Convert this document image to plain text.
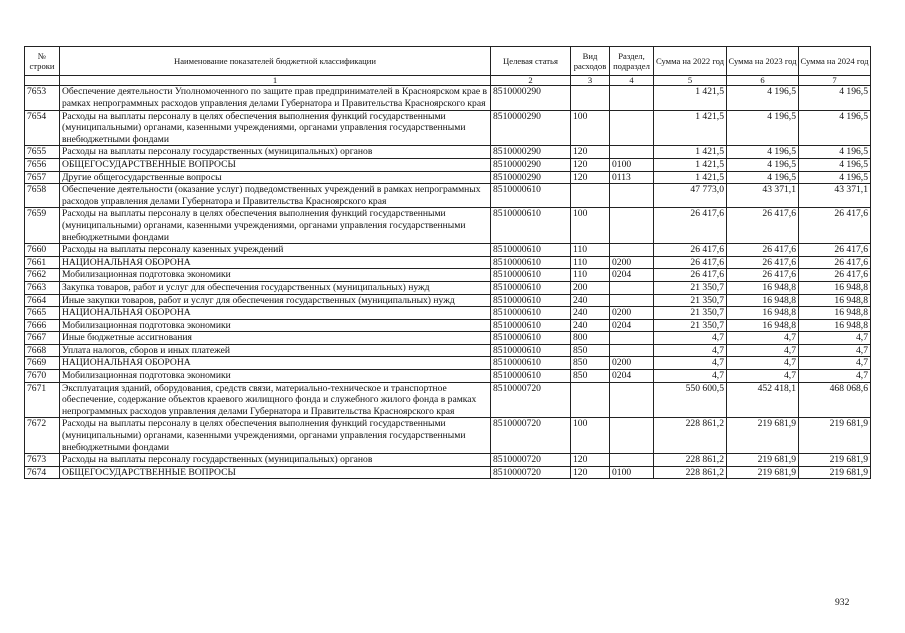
№ строки	Наименование показателей бюджетной классификации	Целевая статья	Вид расходов	Раздел, подраздел	Сумма на 2022 год	Сумма на 2023 год	Сумма на 2024 год
	1	2	3	4	5	6	7
7653	Обеспечение деятельности Уполномоченного по защите прав предпринимателей в Красноярском крае в рамках непрограммных расходов управления делами Губернатора и Правительства Красноярского края	8510000290			1 421,5	4 196,5	4 196,5
7654	Расходы на выплаты персоналу в целях обеспечения выполнения функций государственными (муниципальными) органами, казенными учреждениями, органами управления государственными внебюджетными фондами	8510000290	100		1 421,5	4 196,5	4 196,5
7655	Расходы на выплаты персоналу государственных (муниципальных) органов	8510000290	120		1 421,5	4 196,5	4 196,5
7656	ОБЩЕГОСУДАРСТВЕННЫЕ ВОПРОСЫ	8510000290	120	0100	1 421,5	4 196,5	4 196,5
7657	Другие общегосударственные вопросы	8510000290	120	0113	1 421,5	4 196,5	4 196,5
7658	Обеспечение деятельности (оказание услуг) подведомственных учреждений в рамках непрограммных расходов управления делами Губернатора и Правительства Красноярского края	8510000610			47 773,0	43 371,1	43 371,1
7659	Расходы на выплаты персоналу в целях обеспечения выполнения функций государственными (муниципальными) органами, казенными учреждениями, органами управления государственными внебюджетными фондами	8510000610	100		26 417,6	26 417,6	26 417,6
7660	Расходы на выплаты персоналу казенных учреждений	8510000610	110		26 417,6	26 417,6	26 417,6
7661	НАЦИОНАЛЬНАЯ ОБОРОНА	8510000610	110	0200	26 417,6	26 417,6	26 417,6
7662	Мобилизационная подготовка экономики	8510000610	110	0204	26 417,6	26 417,6	26 417,6
7663	Закупка товаров, работ и услуг для обеспечения государственных (муниципальных) нужд	8510000610	200		21 350,7	16 948,8	16 948,8
7664	Иные закупки товаров, работ и услуг для обеспечения государственных (муниципальных) нужд	8510000610	240		21 350,7	16 948,8	16 948,8
7665	НАЦИОНАЛЬНАЯ ОБОРОНА	8510000610	240	0200	21 350,7	16 948,8	16 948,8
7666	Мобилизационная подготовка экономики	8510000610	240	0204	21 350,7	16 948,8	16 948,8
7667	Иные бюджетные ассигнования	8510000610	800		4,7	4,7	4,7
7668	Уплата налогов, сборов и иных платежей	8510000610	850		4,7	4,7	4,7
7669	НАЦИОНАЛЬНАЯ ОБОРОНА	8510000610	850	0200	4,7	4,7	4,7
7670	Мобилизационная подготовка экономики	8510000610	850	0204	4,7	4,7	4,7
7671	Эксплуатация зданий, оборудования, средств связи, материально-техническое и транспортное обеспечение, содержание объектов краевого жилищного фонда и служебного жилого фонда в рамках непрограммных расходов управления делами Губернатора и Правительства Красноярского края	8510000720			550 600,5	452 418,1	468 068,6
7672	Расходы на выплаты персоналу в целях обеспечения выполнения функций государственными (муниципальными) органами, казенными учреждениями, органами управления государственными внебюджетными фондами	8510000720	100		228 861,2	219 681,9	219 681,9
7673	Расходы на выплаты персоналу государственных (муниципальных) органов	8510000720	120		228 861,2	219 681,9	219 681,9
7674	ОБЩЕГОСУДАРСТВЕННЫЕ ВОПРОСЫ	8510000720	120	0100	228 861,2	219 681,9	219 681,9
932
